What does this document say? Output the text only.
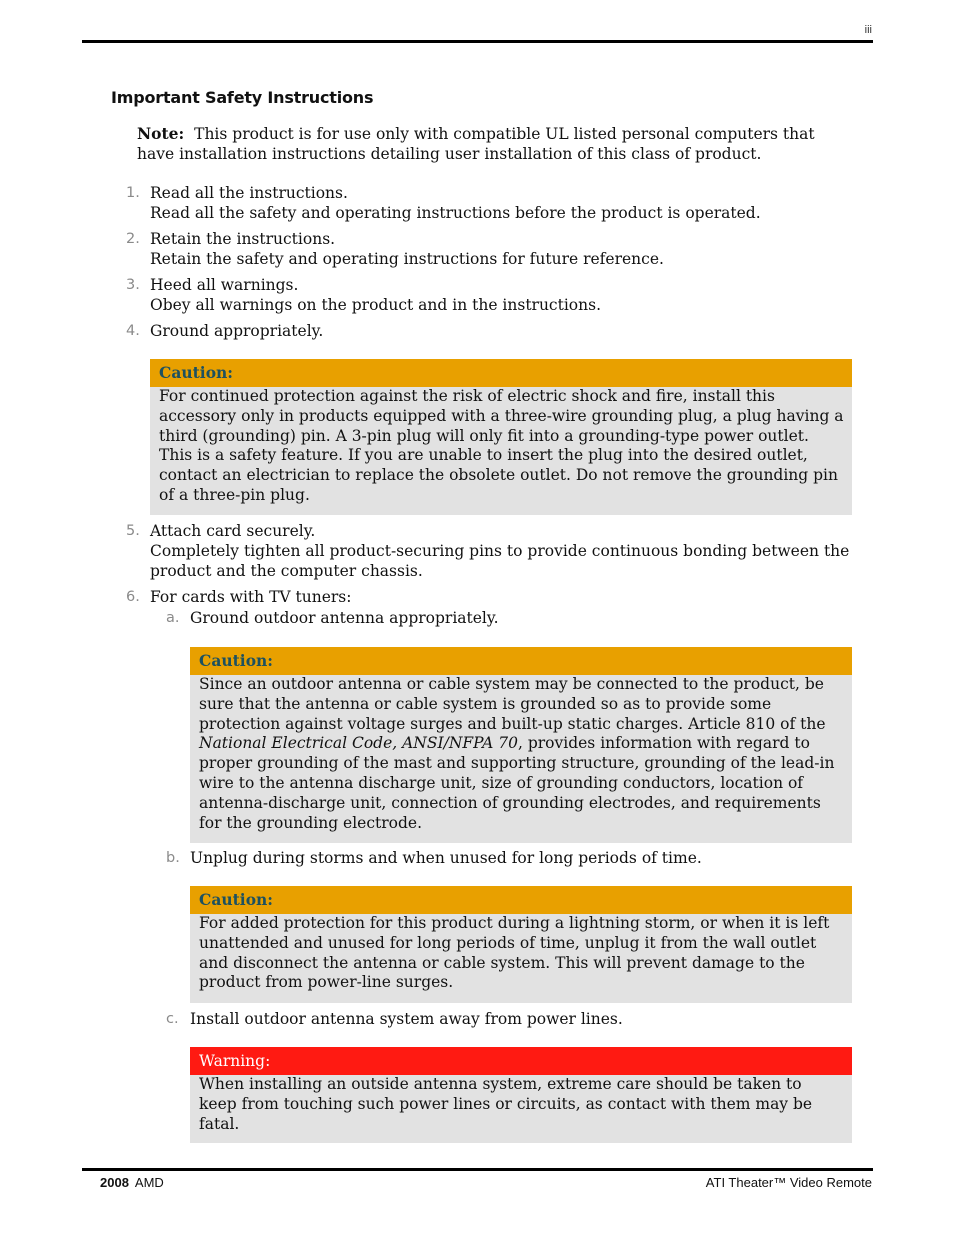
iii
Important Safety Instructions
Note: This product is for use only with compatible UL listed personal computers that have installation instructions detailing user installation of this class of product.
1. Read all the instructions.
Read all the safety and operating instructions before the product is operated.
2. Retain the instructions.
Retain the safety and operating instructions for future reference.
3. Heed all warnings.
Obey all warnings on the product and in the instructions.
4. Ground appropriately.
Caution:
For continued protection against the risk of electric shock and fire, install this accessory only in products equipped with a three-wire grounding plug, a plug having a third (grounding) pin. A 3-pin plug will only fit into a grounding-type power outlet. This is a safety feature. If you are unable to insert the plug into the desired outlet, contact an electrician to replace the obsolete outlet. Do not remove the grounding pin of a three-pin plug.
5. Attach card securely.
Completely tighten all product-securing pins to provide continuous bonding between the product and the computer chassis.
6. For cards with TV tuners:
a. Ground outdoor antenna appropriately.
Caution:
Since an outdoor antenna or cable system may be connected to the product, be sure that the antenna or cable system is grounded so as to provide some protection against voltage surges and built-up static charges. Article 810 of the National Electrical Code, ANSI/NFPA 70, provides information with regard to proper grounding of the mast and supporting structure, grounding of the lead-in wire to the antenna discharge unit, size of grounding conductors, location of antenna-discharge unit, connection of grounding electrodes, and requirements for the grounding electrode.
b. Unplug during storms and when unused for long periods of time.
Caution:
For added protection for this product during a lightning storm, or when it is left unattended and unused for long periods of time, unplug it from the wall outlet and disconnect the antenna or cable system. This will prevent damage to the product from power-line surges.
c. Install outdoor antenna system away from power lines.
Warning:
When installing an outside antenna system, extreme care should be taken to keep from touching such power lines or circuits, as contact with them may be fatal.
2008 AMD	ATI Theater™ Video Remote
